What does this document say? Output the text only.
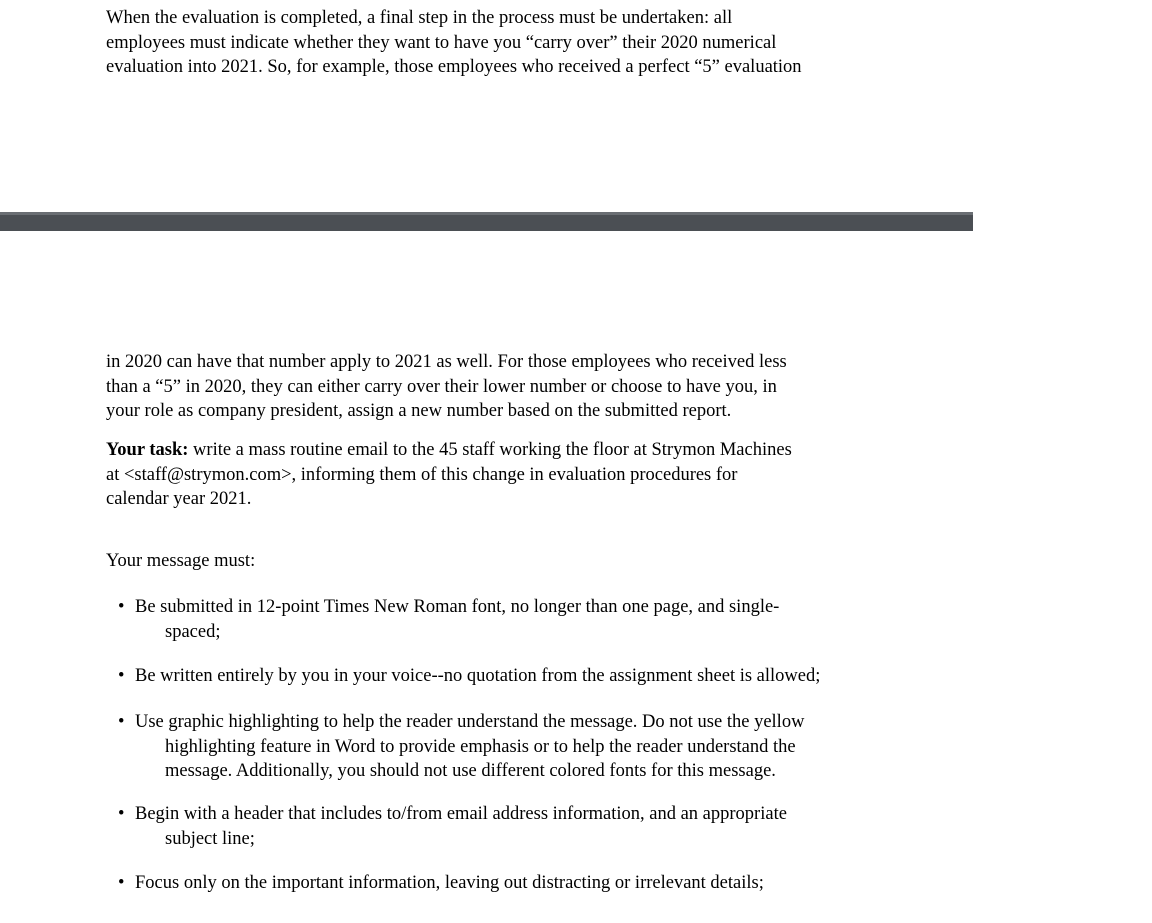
When the evaluation is completed, a final step in the process must be undertaken: all
employees must indicate whether they want to have you “carry over” their 2020 numerical
evaluation into 2021. So, for example, those employees who received a perfect “5” evaluation
in 2020 can have that number apply to 2021 as well. For those employees who received less
than a “5” in 2020, they can either carry over their lower number or choose to have you, in
your role as company president, assign a new number based on the submitted report.
Your task: write a mass routine email to the 45 staff working the floor at Strymon Machines
at <staff@strymon.com>, informing them of this change in evaluation procedures for
calendar year 2021.
Your message must:
• Be submitted in 12-point Times New Roman font, no longer than one page, and single-
spaced;
• Be written entirely by you in your voice--no quotation from the assignment sheet is allowed;
• Use graphic highlighting to help the reader understand the message. Do not use the yellow
highlighting feature in Word to provide emphasis or to help the reader understand the
message. Additionally, you should not use different colored fonts for this message.
• Begin with a header that includes to/from email address information, and an appropriate
subject line;
• Focus only on the important information, leaving out distracting or irrelevant details;
